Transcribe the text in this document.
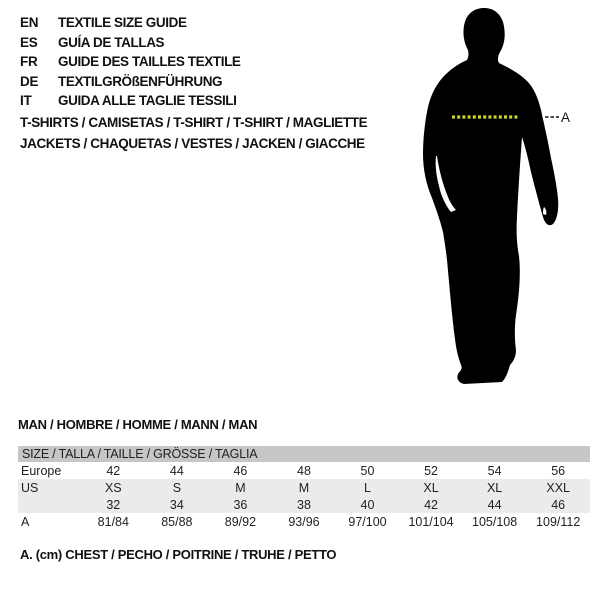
A
EN	TEXTILE SIZE GUIDE
ES	GUÍA DE TALLAS
FR	GUIDE DES TAILLES TEXTILE
DE	TEXTILGRÖßENFÜHRUNG
IT	GUIDA ALLE TAGLIE TESSILI
T-SHIRTS / CAMISETAS / T-SHIRT / T-SHIRT / MAGLIETTE
JACKETS / CHAQUETAS / VESTES / JACKEN / GIACCHE
MAN / HOMBRE / HOMME / MANN / MAN
SIZE / TALLA / TAILLE / GRÖSSE / TAGLIA								
Europe	42	44	46	48	50	52	54	56
US	XS	S	M	M	L	XL	XL	XXL
	32	34	36	38	40	42	44	46
A	81/84	85/88	89/92	93/96	97/100	101/104	105/108	109/112
A. (cm) CHEST / PECHO / POITRINE / TRUHE / PETTO
